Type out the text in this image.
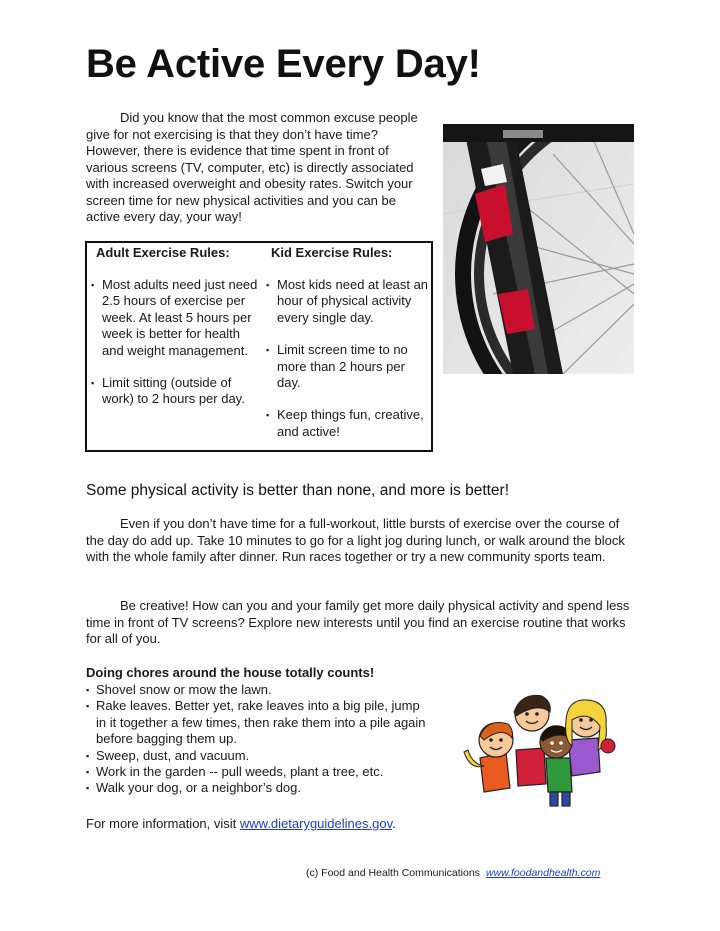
Be Active Every Day!

Did you know that the most common excuse people give for not exercising is that they don’t have time? However, there is evidence that time spent in front of various screens (TV, computer, etc) is directly associated with increased overweight and obesity rates. Switch your screen time for new physical activities and you can be active every day, your way!

Adult Exercise Rules:

▪ Most adults need just need 2.5 hours of exercise per week. At least 5 hours per week is better for health and weight management.
▪ Limit sitting (outside of work) to 2 hours per day.

Kid Exercise Rules:

▪ Most kids need at least an hour of physical activity every single day.
▪ Limit screen time to no more than 2 hours per day.
▪ Keep things fun, creative, and active!
Some physical activity is better than none, and more is better!

Even if you don’t have time for a full-workout, little bursts of exercise over the course of the day do add up. Take 10 minutes to go for a light jog during lunch, or walk around the block with the whole family after dinner. Run races together or try a new community sports team.

Be creative! How can you and your family get more daily physical activity and spend less time in front of TV screens? Explore new interests until you find an exercise routine that works for all of you.

Doing chores around the house totally counts!

▪ Shovel snow or mow the lawn.
▪ Rake leaves. Better yet, rake leaves into a big pile, jump in it together a few times, then rake them into a pile again before bagging them up.
▪ Sweep, dust, and vacuum.
▪ Work in the garden -- pull weeds, plant a tree, etc.
▪ Walk your dog, or a neighbor’s dog.

For more information, visit www.dietaryguidelines.gov.

(c) Food and Health Communications www.foodandhealth.com
